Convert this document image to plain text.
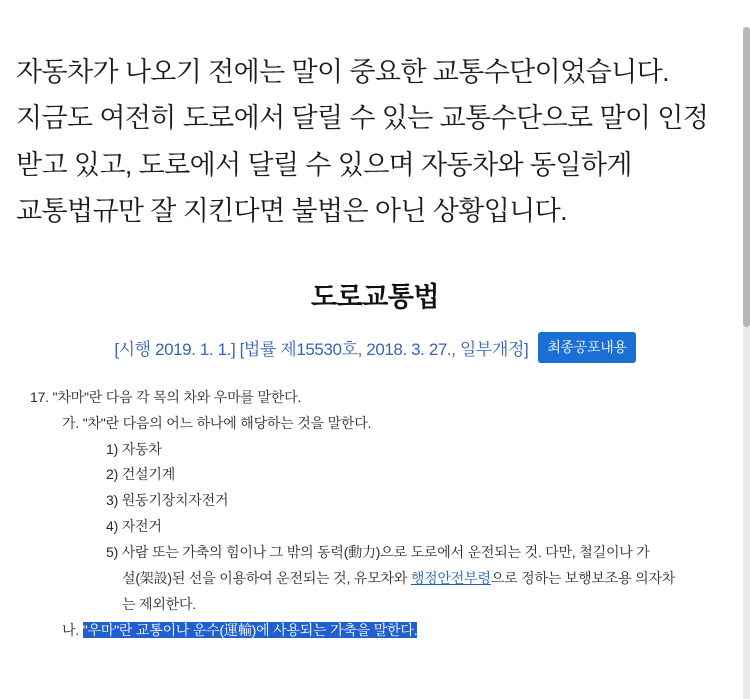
자동차가 나오기 전에는 말이 중요한 교통수단이었습니다. 지금도 여전히 도로에서 달릴 수 있는 교통수단으로 말이 인정 받고 있고, 도로에서 달릴 수 있으며 자동차와 동일하게 교통법규만 잘 지킨다면 불법은 아닌 상황입니다.

도로교통법
[시행 2019. 1. 1.] [법률 제15530호, 2018. 3. 27., 일부개정]	최종공포내용
17. "차마"란 다음 각 목의 차와 우마를 말한다.
가. "차"란 다음의 어느 하나에 해당하는 것을 말한다.
1) 자동차
2) 건설기계
3) 원동기장치자전거
4) 자전거
5) 사람 또는 가축의 힘이나 그 밖의 동력(動力)으로 도로에서 운전되는 것. 다만, 철길이나 가
설(架設)된 선을 이용하여 운전되는 것, 유모차와 행정안전부령으로 정하는 보행보조용 의자차
는 제외한다.
나. "우마"란 교통이나 운수(運輸)에 사용되는 가축을 말한다.
